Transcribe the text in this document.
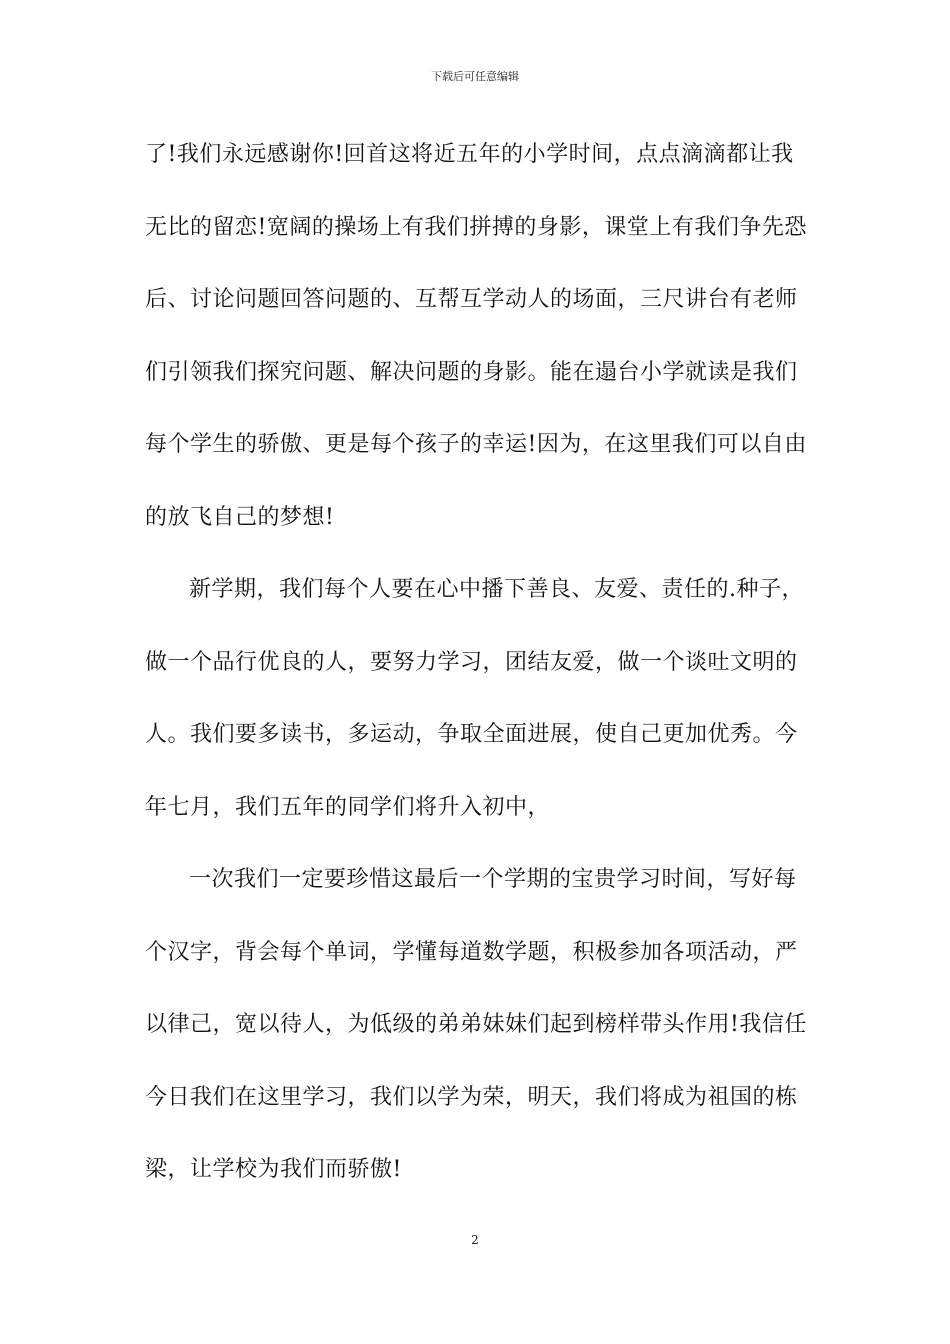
下载后可任意编辑
了!我们永远感谢你!回首这将近五年的小学时间，点点滴滴都让我
无比的留恋!宽阔的操场上有我们拼搏的身影，课堂上有我们争先恐
后、讨论问题回答问题的、互帮互学动人的场面，三尺讲台有老师
们引领我们探究问题、解决问题的身影。能在遢台小学就读是我们
每个学生的骄傲、更是每个孩子的幸运!因为，在这里我们可以自由
的放飞自己的梦想!
新学期，我们每个人要在心中播下善良、友爱、责任的.种子，
做一个品行优良的人，要努力学习，团结友爱，做一个谈吐文明的
人。我们要多读书，多运动，争取全面进展，使自己更加优秀。今
年七月，我们五年的同学们将升入初中，
一次我们一定要珍惜这最后一个学期的宝贵学习时间，写好每
个汉字，背会每个单词，学懂每道数学题，积极参加各项活动，严
以律己，宽以待人，为低级的弟弟妹妹们起到榜样带头作用!我信任
今日我们在这里学习，我们以学为荣，明天，我们将成为祖国的栋
梁，让学校为我们而骄傲!
2
